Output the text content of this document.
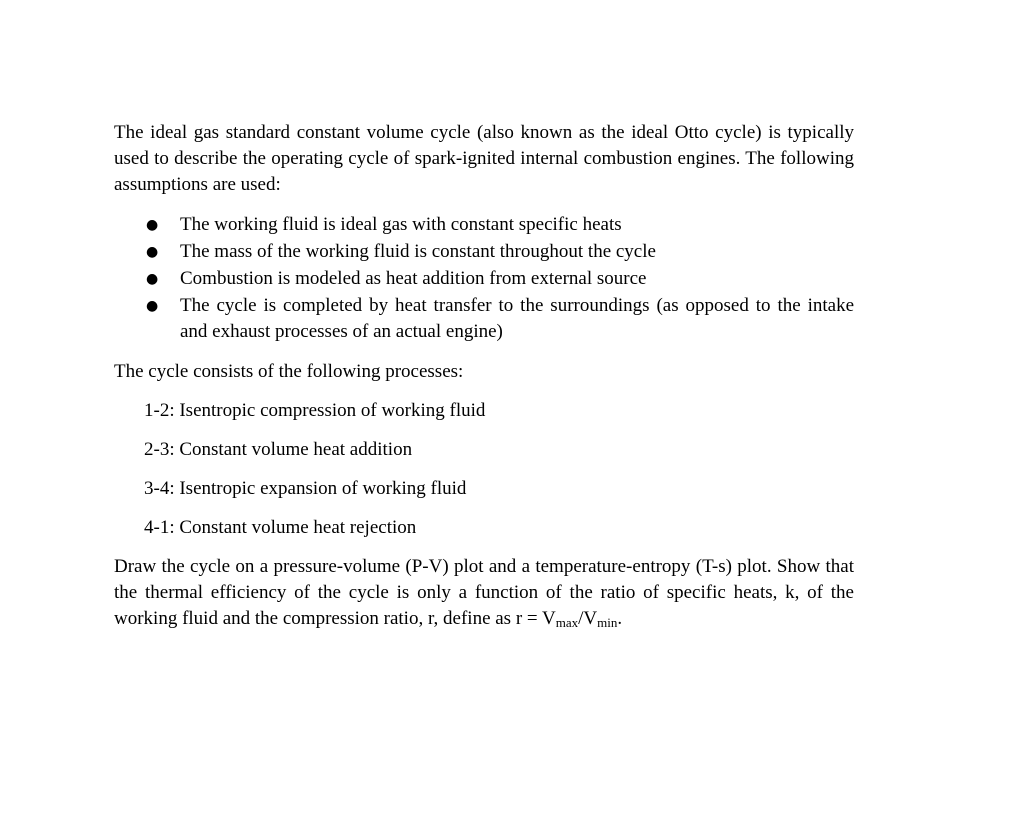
The ideal gas standard constant volume cycle (also known as the ideal Otto cycle) is typically used to describe the operating cycle of spark-ignited internal combustion engines. The following assumptions are used:

● The working fluid is ideal gas with constant specific heats
● The mass of the working fluid is constant throughout the cycle
● Combustion is modeled as heat addition from external source
● The cycle is completed by heat transfer to the surroundings (as opposed to the intake and exhaust processes of an actual engine)

The cycle consists of the following processes:

1-2: Isentropic compression of working fluid
2-3: Constant volume heat addition
3-4: Isentropic expansion of working fluid
4-1: Constant volume heat rejection

Draw the cycle on a pressure-volume (P-V) plot and a temperature-entropy (T-s) plot. Show that the thermal efficiency of the cycle is only a function of the ratio of specific heats, k, of the working fluid and the compression ratio, r, define as $r = V_{max}/V_{min}$.
